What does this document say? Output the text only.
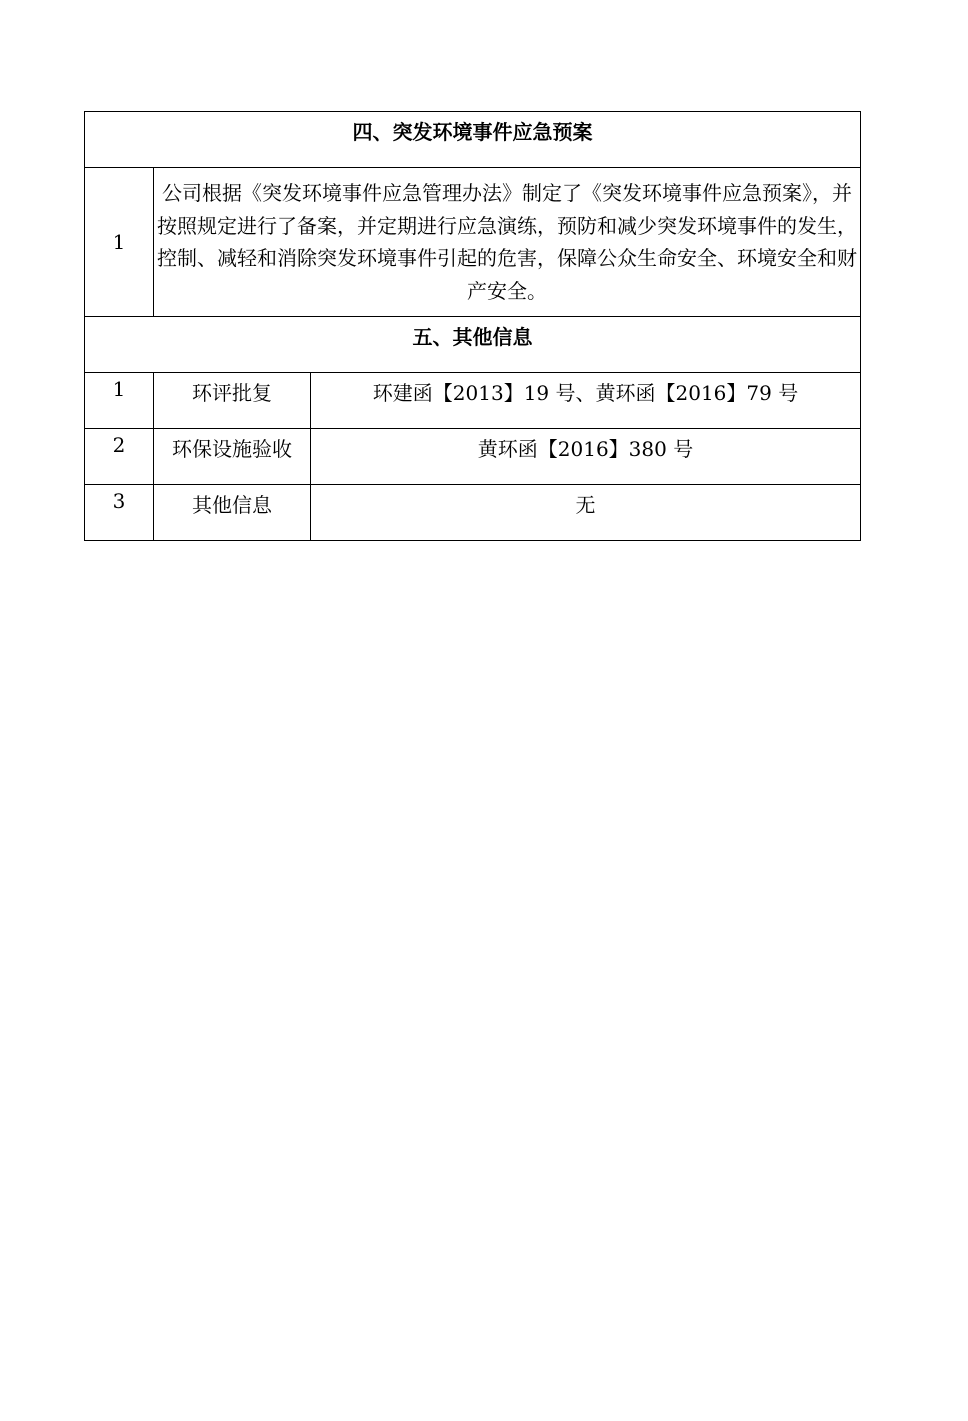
四、突发环境事件应急预案		
1	公司根据《突发环境事件应急管理办法》制定了《突发环境事件应急预案》，并按照规定进行了备案，并定期进行应急演练，预防和减少突发环境事件的发生，控制、减轻和消除突发环境事件引起的危害，保障公众生命安全、环境安全和财产安全。	
五、其他信息		
1	环评批复	环建函【2013】19 号、黄环函【2016】79 号
2	环保设施验收	黄环函【2016】380 号
3	其他信息	无
